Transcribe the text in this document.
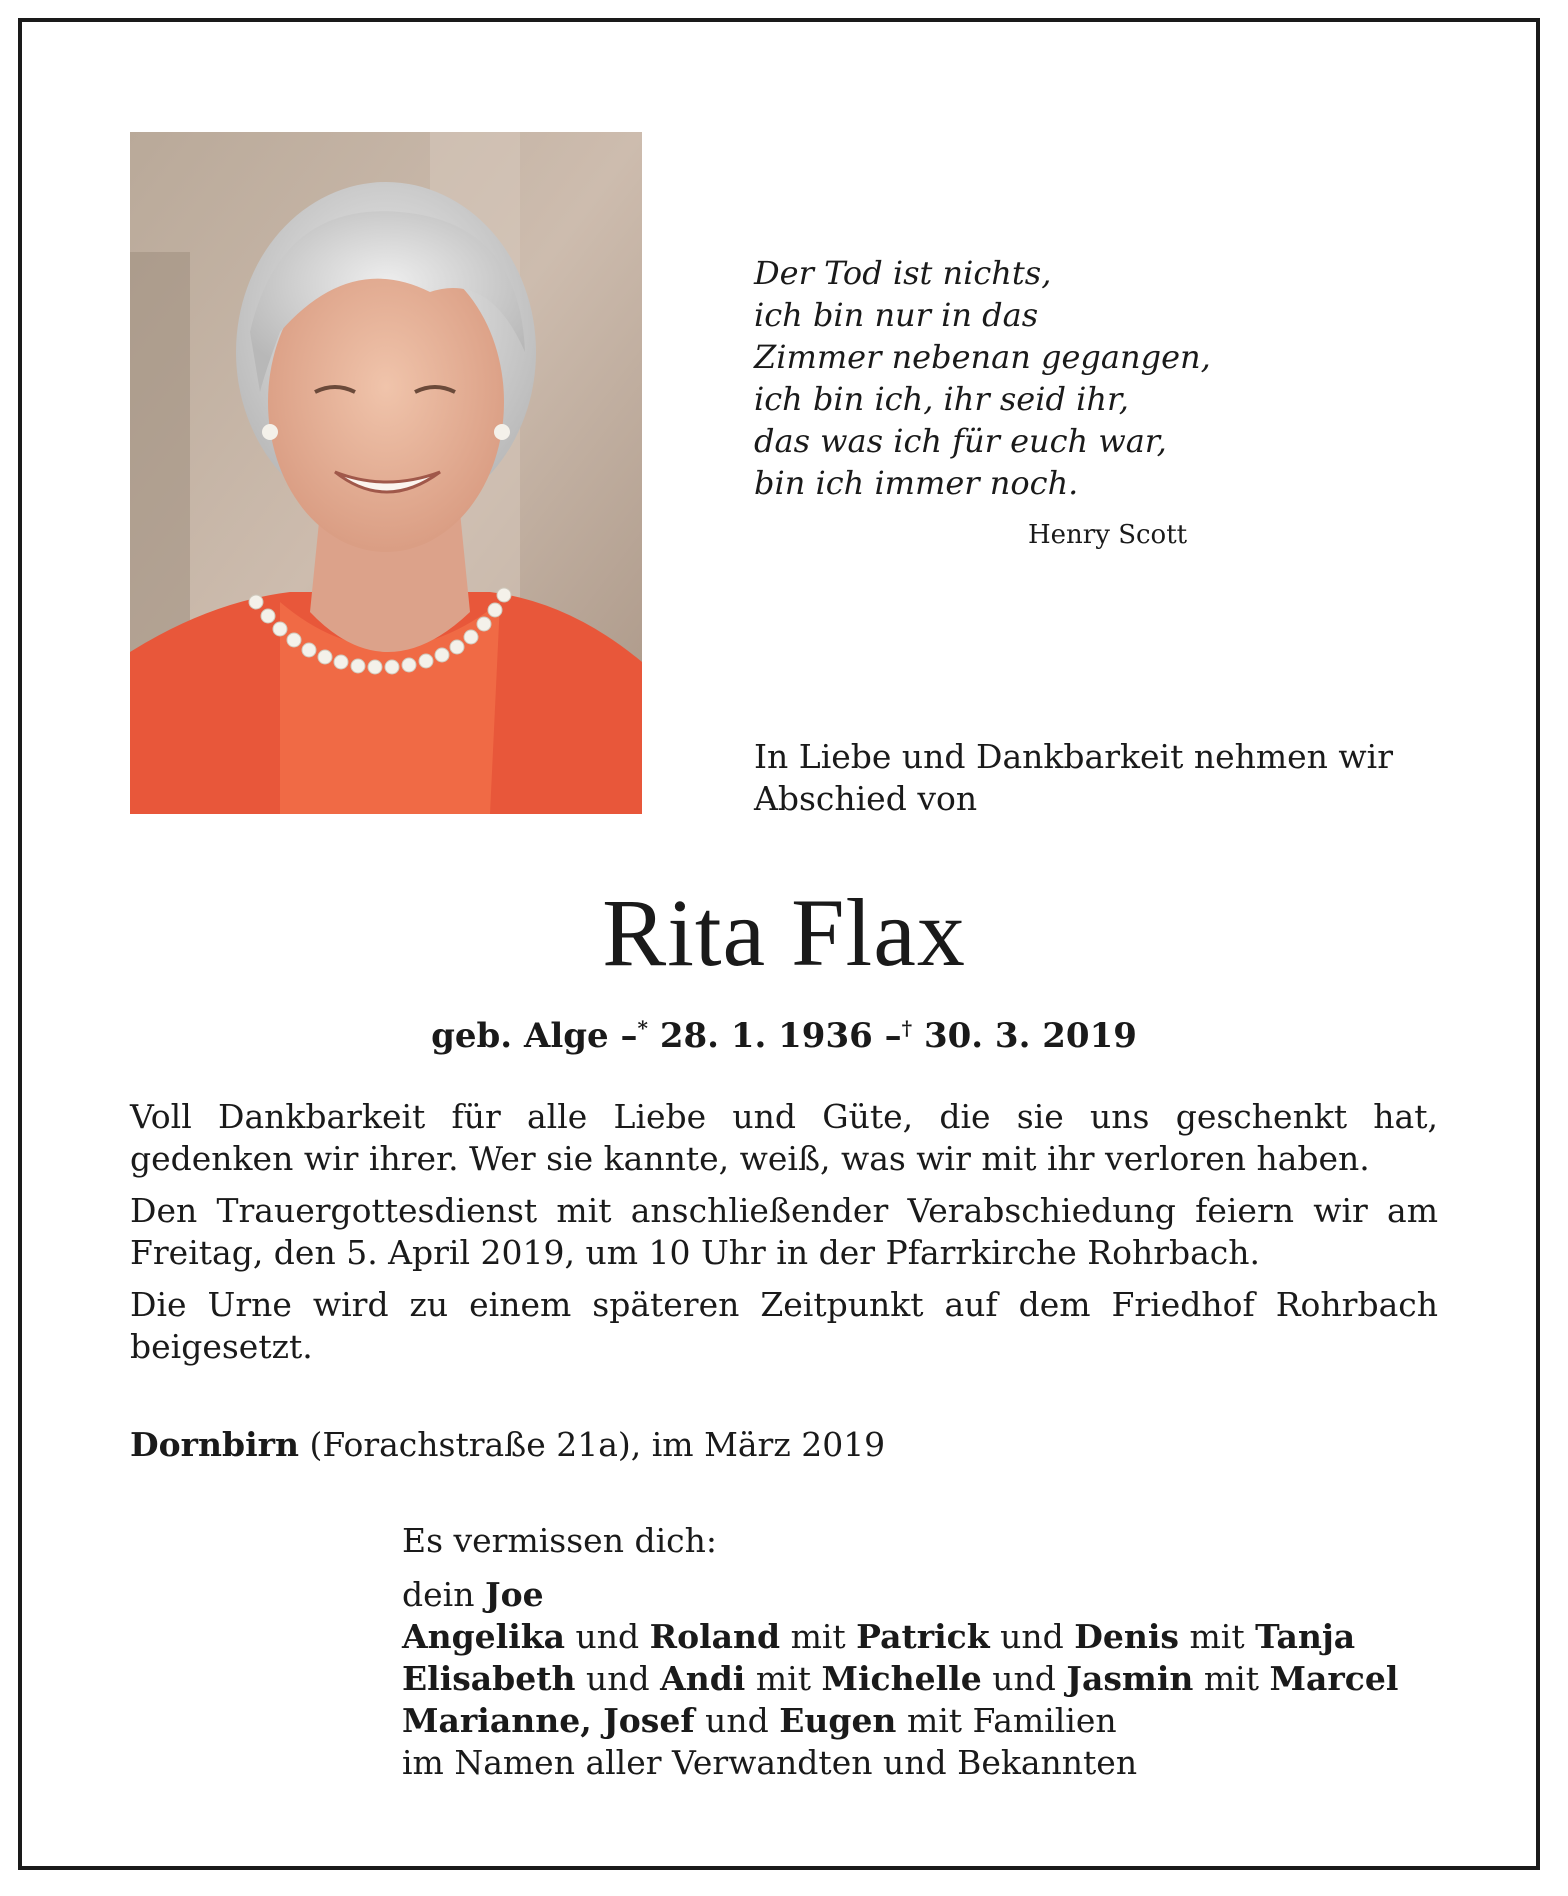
Der Tod ist nichts,
ich bin nur in das
Zimmer nebenan gegangen,
ich bin ich, ihr seid ihr,
das was ich für euch war,
bin ich immer noch.
Henry Scott
In Liebe und Dankbarkeit nehmen wir
Abschied von
Rita Flax
geb. Alge –* 28. 1. 1936 –† 30. 3. 2019
Voll Dankbarkeit für alle Liebe und Güte, die sie uns geschenkt hat, gedenken wir ihrer. Wer sie kannte, weiß, was wir mit ihr verloren haben.
Den Trauergottesdienst mit anschließender Verabschiedung feiern wir am Freitag, den 5. April 2019, um 10 Uhr in der Pfarrkirche Rohrbach.
Die Urne wird zu einem späteren Zeitpunkt auf dem Friedhof Rohrbach beigesetzt.
Dornbirn (Forachstraße 21a), im März 2019
Es vermissen dich:
dein Joe
Angelika und Roland mit Patrick und Denis mit Tanja
Elisabeth und Andi mit Michelle und Jasmin mit Marcel
Marianne, Josef und Eugen mit Familien
im Namen aller Verwandten und Bekannten
